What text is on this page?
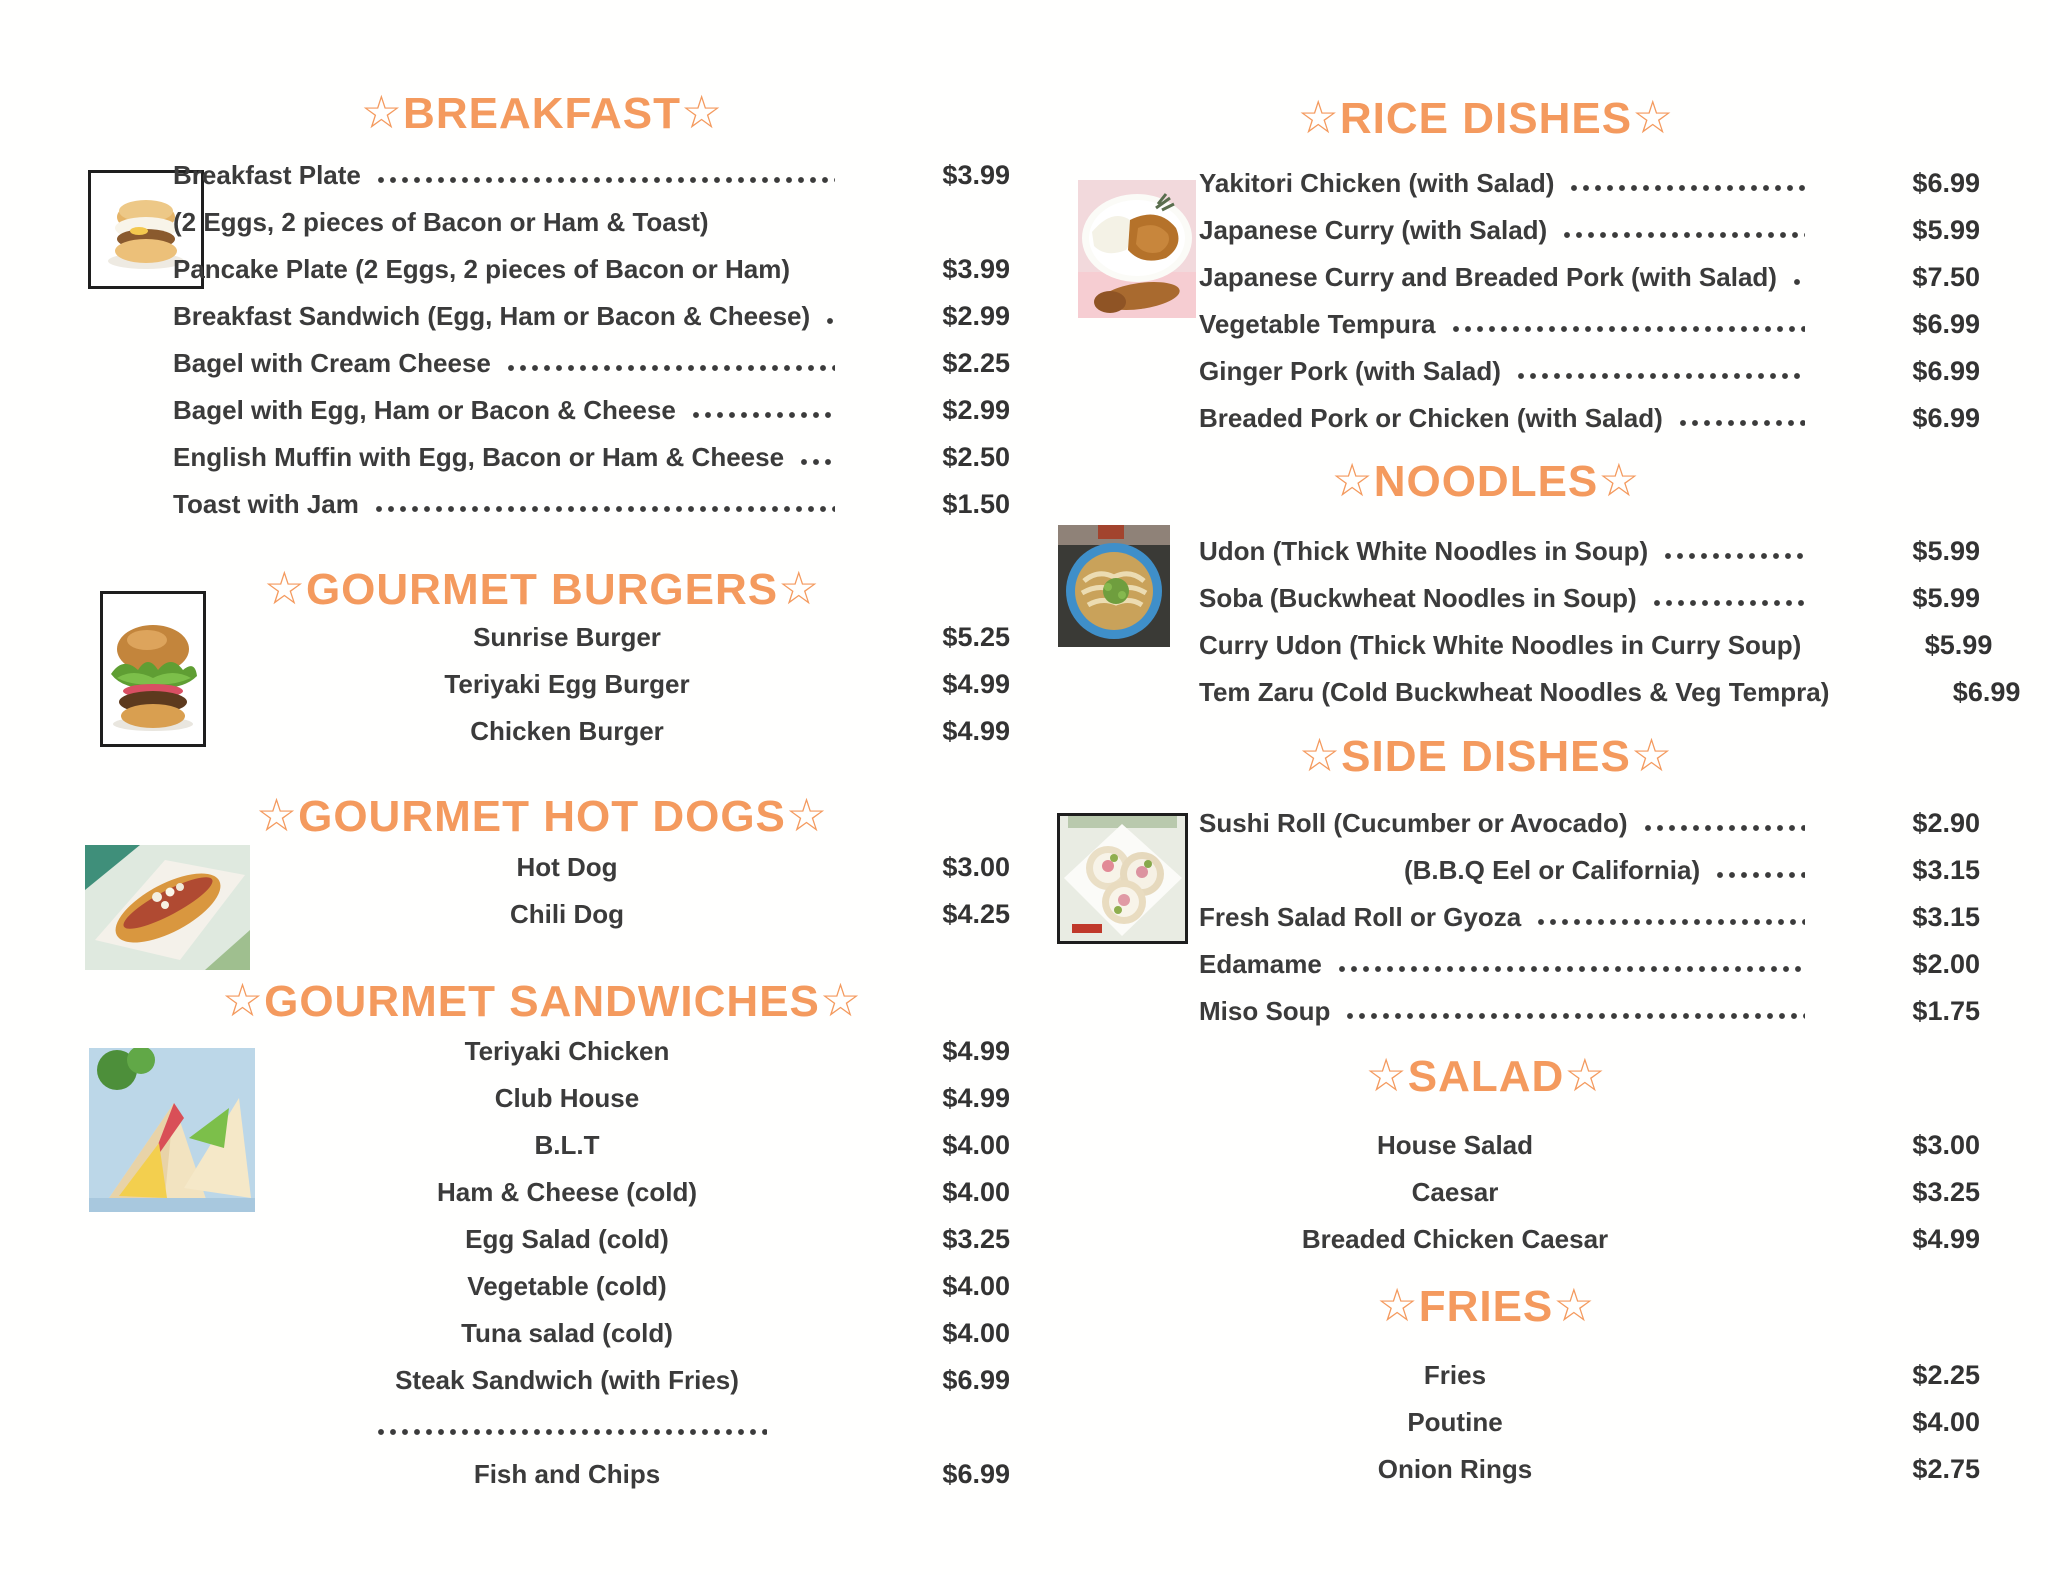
☆BREAKFAST☆
Breakfast Plate	$3.99
(2 Eggs, 2 pieces of Bacon or Ham & Toast)
Pancake Plate (2 Eggs, 2 pieces of Bacon or Ham)	$3.99
Breakfast Sandwich (Egg, Ham or Bacon & Cheese)	$2.99
Bagel with Cream Cheese	$2.25
Bagel with Egg, Ham or Bacon & Cheese	$2.99
English Muffin with Egg, Bacon or Ham & Cheese	$2.50
Toast with Jam	$1.50
☆GOURMET BURGERS☆
Sunrise Burger	$5.25
Teriyaki Egg Burger	$4.99
Chicken Burger	$4.99
☆GOURMET HOT DOGS☆
Hot Dog	$3.00
Chili Dog	$4.25
☆GOURMET SANDWICHES☆
Teriyaki Chicken	$4.99
Club House	$4.99
B.L.T	$4.00
Ham & Cheese (cold)	$4.00
Egg Salad (cold)	$3.25
Vegetable (cold)	$4.00
Tuna salad (cold)	$4.00
Steak Sandwich (with Fries)	$6.99
Fish and Chips	$6.99
☆RICE DISHES☆
Yakitori Chicken (with Salad)	$6.99
Japanese Curry (with Salad)	$5.99
Japanese Curry and Breaded Pork (with Salad)	$7.50
Vegetable Tempura	$6.99
Ginger Pork (with Salad)	$6.99
Breaded Pork or Chicken (with Salad)	$6.99
☆NOODLES☆
Udon (Thick White Noodles in Soup)	$5.99
Soba (Buckwheat Noodles in Soup)	$5.99
Curry Udon (Thick White Noodles in Curry Soup)	$5.99
Tem Zaru (Cold Buckwheat Noodles & Veg Tempra)	$6.99
☆SIDE DISHES☆
Sushi Roll (Cucumber or Avocado)	$2.90
(B.B.Q Eel or California)	$3.15
Fresh Salad Roll or Gyoza	$3.15
Edamame	$2.00
Miso Soup	$1.75
☆SALAD☆
House Salad	$3.00
Caesar	$3.25
Breaded Chicken Caesar	$4.99
☆FRIES☆
Fries	$2.25
Poutine	$4.00
Onion Rings	$2.75
